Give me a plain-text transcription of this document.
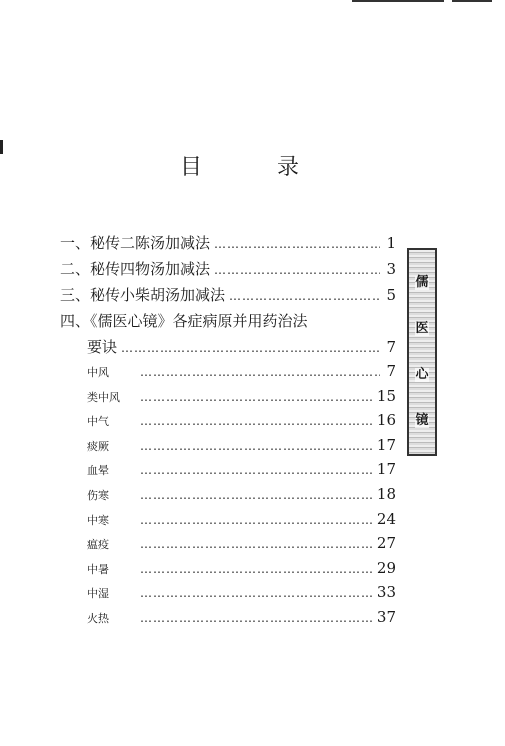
目 录
一、秘传二陈汤加减法 ……………………………………………………………………………………………………………………………………………………	1
二、秘传四物汤加减法 ……………………………………………………………………………………………………………………………………………………	3
三、秘传小柴胡汤加减法 ……………………………………………………………………………………………………………………………………………………	5
四、《儒医心镜》各症病原并用药治法
要诀 ……………………………………………………………………………………………………………………………………………………	7
中风 ……………………………………………………………………………………………………………………………………………………	7
类中风 ……………………………………………………………………………………………………………………………………………………	15
中气 ……………………………………………………………………………………………………………………………………………………	16
痰厥 ……………………………………………………………………………………………………………………………………………………	17
血晕 ……………………………………………………………………………………………………………………………………………………	17
伤寒 ……………………………………………………………………………………………………………………………………………………	18
中寒 ……………………………………………………………………………………………………………………………………………………	24
瘟疫 ……………………………………………………………………………………………………………………………………………………	27
中暑 ……………………………………………………………………………………………………………………………………………………	29
中湿 ……………………………………………………………………………………………………………………………………………………	33
火热 ……………………………………………………………………………………………………………………………………………………	37
儒
医
心
镜
